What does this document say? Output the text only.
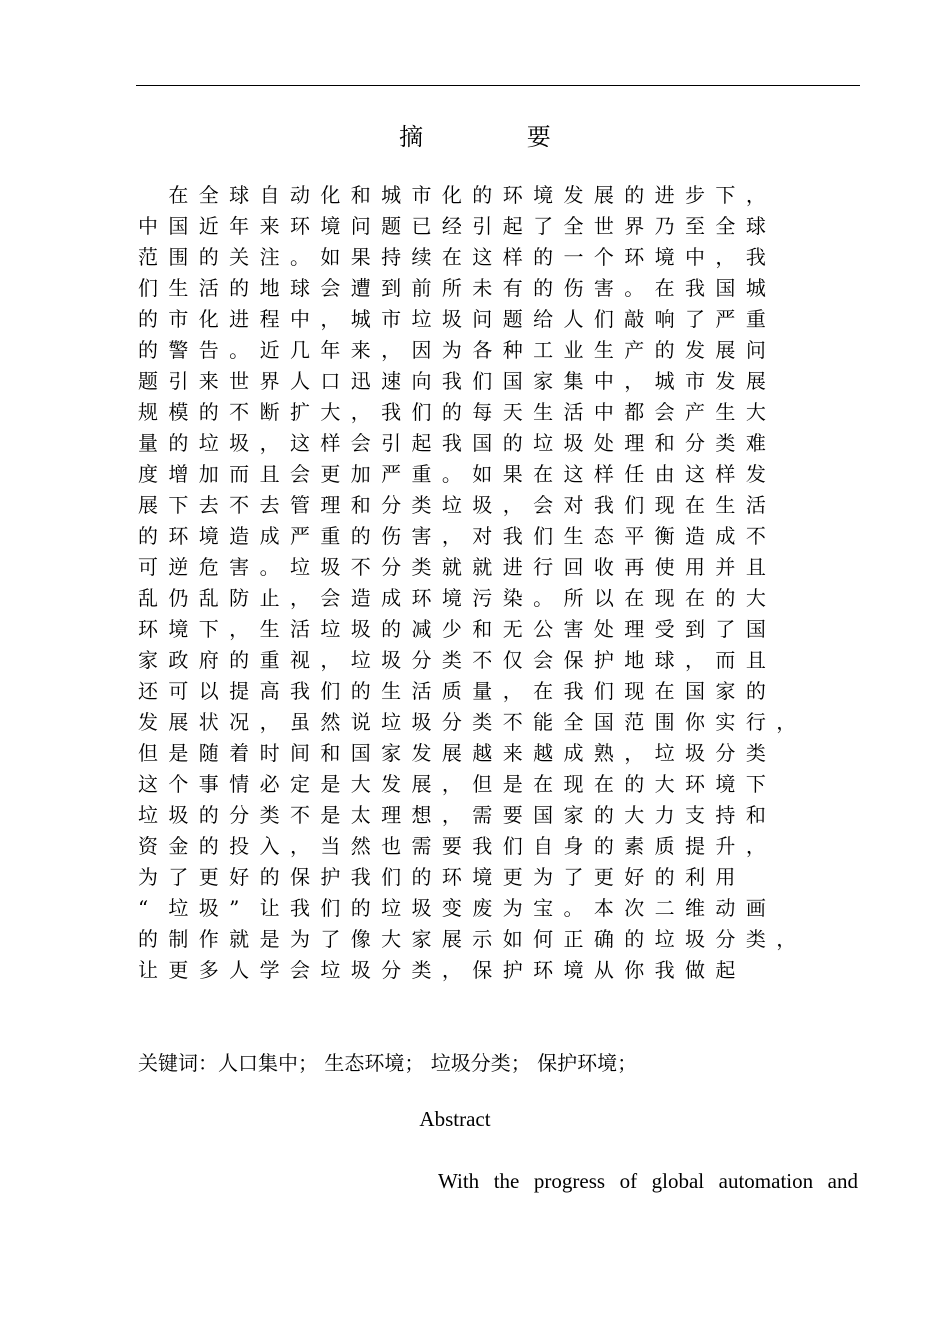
摘 要
　在 全 球 自 动 化 和 城 市 化 的 环 境 发 展 的 进 步 下 ，
中 国 近 年 来 环 境 问 题 已 经 引 起 了 全 世 界 乃 至 全 球
范 围 的 关 注 。 如 果 持 续 在 这 样 的 一 个 环 境 中 ， 我
们 生 活 的 地 球 会 遭 到 前 所 未 有 的 伤 害 。 在 我 国 城
的 市 化 进 程 中 ， 城 市 垃 圾 问 题 给 人 们 敲 响 了 严 重
的 警 告 。 近 几 年 来 ， 因 为 各 种 工 业 生 产 的 发 展 问
题 引 来 世 界 人 口 迅 速 向 我 们 国 家 集 中 ， 城 市 发 展
规 模 的 不 断 扩 大 ， 我 们 的 每 天 生 活 中 都 会 产 生 大
量 的 垃 圾 ， 这 样 会 引 起 我 国 的 垃 圾 处 理 和 分 类 难
度 增 加 而 且 会 更 加 严 重 。 如 果 在 这 样 任 由 这 样 发
展 下 去 不 去 管 理 和 分 类 垃 圾 ， 会 对 我 们 现 在 生 活
的 环 境 造 成 严 重 的 伤 害 ， 对 我 们 生 态 平 衡 造 成 不
可 逆 危 害 。 垃 圾 不 分 类 就 就 进 行 回 收 再 使 用 并 且
乱 仍 乱 防 止 ， 会 造 成 环 境 污 染 。 所 以 在 现 在 的 大
环 境 下 ， 生 活 垃 圾 的 减 少 和 无 公 害 处 理 受 到 了 国
家 政 府 的 重 视 ， 垃 圾 分 类 不 仅 会 保 护 地 球 ， 而 且
还 可 以 提 高 我 们 的 生 活 质 量 ， 在 我 们 现 在 国 家 的
发 展 状 况 ， 虽 然 说 垃 圾 分 类 不 能 全 国 范 围 你 实 行 ，
但 是 随 着 时 间 和 国 家 发 展 越 来 越 成 熟 ， 垃 圾 分 类
这 个 事 情 必 定 是 大 发 展 ， 但 是 在 现 在 的 大 环 境 下
垃 圾 的 分 类 不 是 太 理 想 ， 需 要 国 家 的 大 力 支 持 和
资 金 的 投 入 ， 当 然 也 需 要 我 们 自 身 的 素 质 提 升 ，
为 了 更 好 的 保 护 我 们 的 环 境 更 为 了 更 好 的 利 用
“ 垃 圾 ” 让 我 们 的 垃 圾 变 废 为 宝 。 本 次 二 维 动 画
的 制 作 就 是 为 了 像 大 家 展 示 如 何 正 确 的 垃 圾 分 类 ，
让 更 多 人 学 会 垃 圾 分 类 ， 保 护 环 境 从 你 我 做 起
关键词：人口集中； 生态环境； 垃圾分类； 保护环境；
Abstract
With the progress of global automation and
